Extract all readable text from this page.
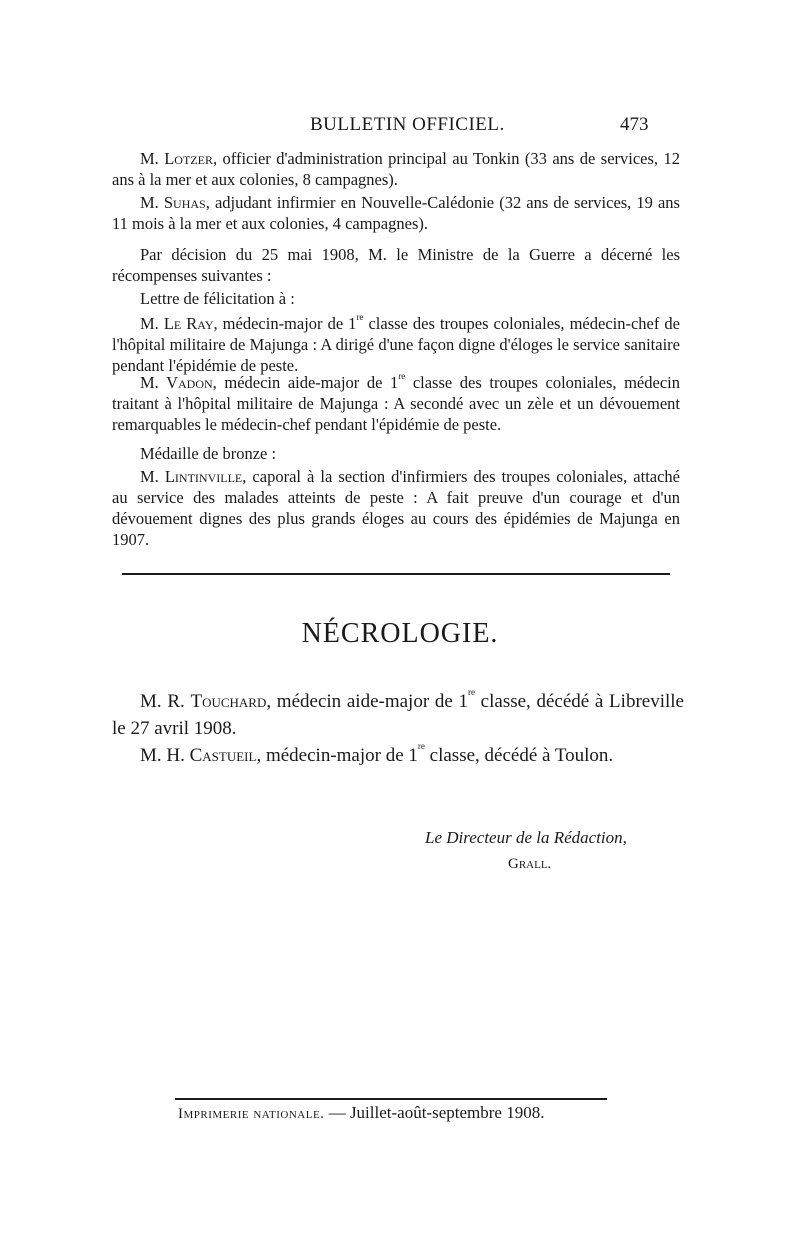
BULLETIN OFFICIEL.	473
M. Lotzer, officier d'administration principal au Tonkin (33 ans de services, 12 ans à la mer et aux colonies, 8 campagnes).
M. Suhas, adjudant infirmier en Nouvelle-Calédonie (32 ans de services, 19 ans 11 mois à la mer et aux colonies, 4 campagnes).
Par décision du 25 mai 1908, M. le Ministre de la Guerre a décerné les récompenses suivantes :
Lettre de félicitation à :
M. Le Ray, médecin-major de 1re classe des troupes coloniales, médecin-chef de l'hôpital militaire de Majunga : A dirigé d'une façon digne d'éloges le service sanitaire pendant l'épidémie de peste.
M. Vadon, médecin aide-major de 1re classe des troupes coloniales, médecin traitant à l'hôpital militaire de Majunga : A secondé avec un zèle et un dévouement remarquables le médecin-chef pendant l'épidémie de peste.
Médaille de bronze :
M. Lintinville, caporal à la section d'infirmiers des troupes coloniales, attaché au service des malades atteints de peste : A fait preuve d'un courage et d'un dévouement dignes des plus grands éloges au cours des épidémies de Majunga en 1907.
NÉCROLOGIE.
M. R. Touchard, médecin aide-major de 1re classe, décédé à Libreville le 27 avril 1908.
M. H. Castueil, médecin-major de 1re classe, décédé à Toulon.
Le Directeur de la Rédaction,
Grall.
Imprimerie nationale. — Juillet-août-septembre 1908.
